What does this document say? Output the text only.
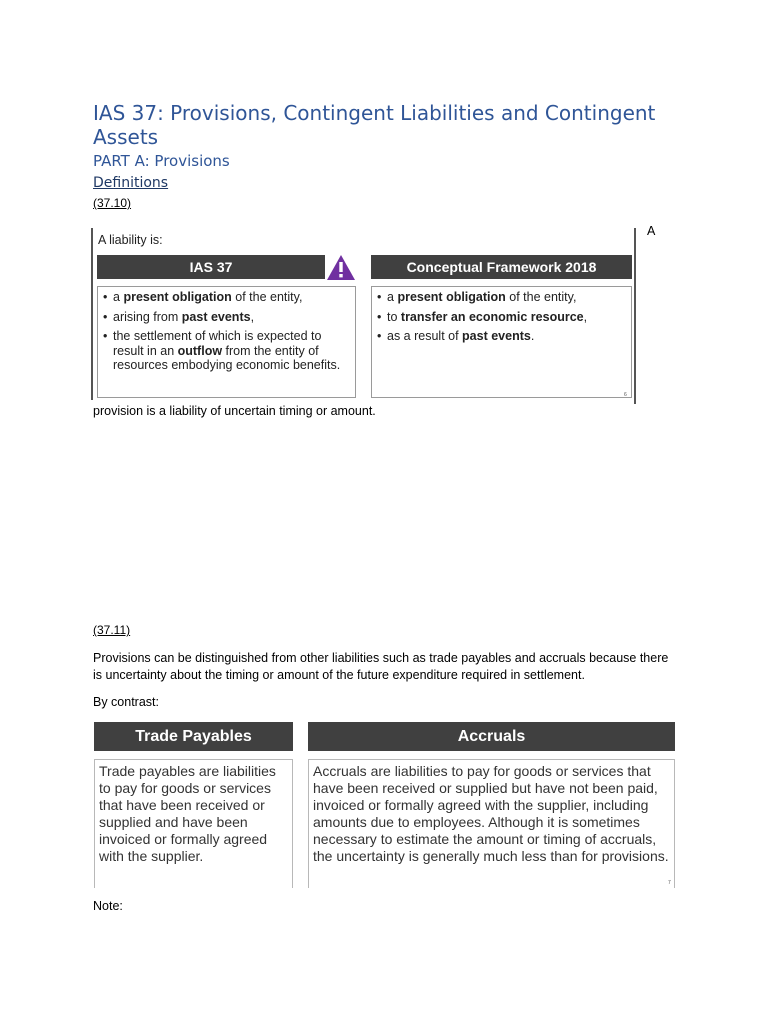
IAS 37: Provisions, Contingent Liabilities and Contingent Assets
PART A: Provisions
Definitions
(37.10)
A liability is:
IAS 37	Conceptual Framework 2018
• a present obligation of the entity,
• arising from past events,
• the settlement of which is expected to result in an outflow from the entity of resources embodying economic benefits.
• a present obligation of the entity,
• to transfer an economic resource,
• as a result of past events.
6
A
provision is a liability of uncertain timing or amount.
(37.11)
Provisions can be distinguished from other liabilities such as trade payables and accruals because there is uncertainty about the timing or amount of the future expenditure required in settlement.
By contrast:
Trade Payables	Accruals
Trade payables are liabilities to pay for goods or services that have been received or supplied and have been invoiced or formally agreed with the supplier.
Accruals are liabilities to pay for goods or services that have been received or supplied but have not been paid, invoiced or formally agreed with the supplier, including amounts due to employees. Although it is sometimes necessary to estimate the amount or timing of accruals, the uncertainty is generally much less than for provisions.
7
Note:
